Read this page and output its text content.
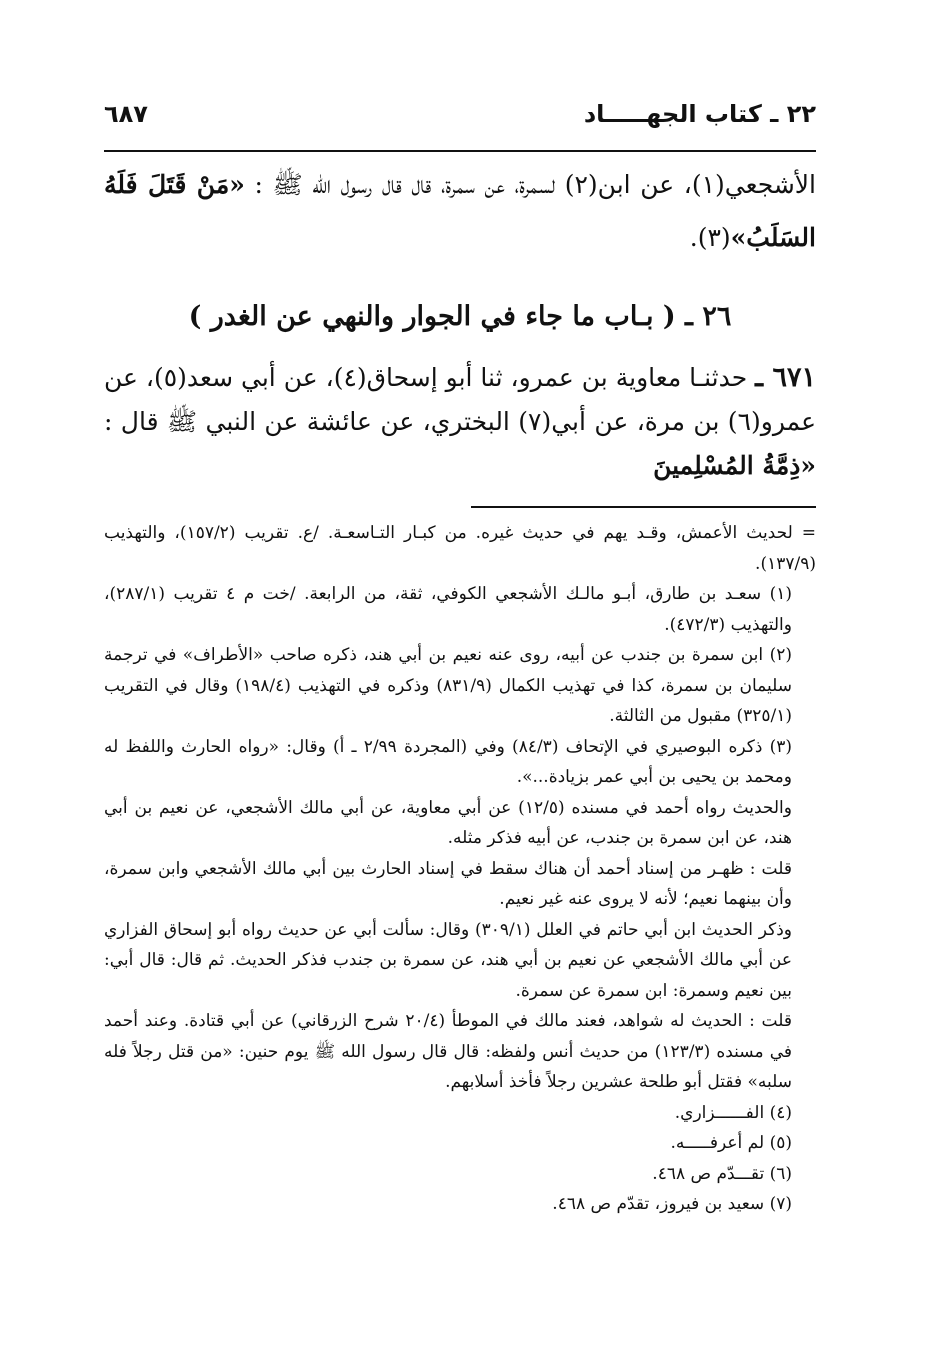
٢٢ ـ كتاب الجهـــــاد
٦٨٧

الأشجعي(١)، عن ابن(٢) لسمرة، عن سمرة، قال قال رسول الله ﷺ : «مَنْ قَتَلَ فَلَهُ السَلَبُ»(٣).

٢٦ ـ ( بـاب ما جاء في الجوار والنهي عن الغدر )
٦٧١ ـ حدثنـا معاوية بن عمرو، ثنا أبو إسحاق(٤)، عن أبي سعد(٥)، عن عمرو(٦) بن مرة، عن أبي(٧) البختري، عن عائشة عن النبي ﷺ قال : «ذِمَّةُ المُسْلِمينَ

= لحديث الأعمش، وقـد يهم في حديث غيره. من كبـار التـاسعـة. /ع. تقريب (١٥٧/٢)، والتهذيب (١٣٧/٩).

(١) سعـد بن طارق، أبـو مالـك الأشجعي الكوفي، ثقة، من الرابعة. /خت م ٤ تقريب (٢٨٧/١)، والتهذيب (٤٧٢/٣).

(٢) ابن سمرة بن جندب عن أبيه، روى عنه نعيم بن أبي هند، ذكره صاحب «الأطراف» في ترجمة سليمان بن سمرة، كذا في تهذيب الكمال (٨٣١/٩) وذكره في التهذيب (١٩٨/٤) وقال في التقريب (٣٢٥/١) مقبول من الثالثة.

(٣) ذكره البوصيري في الإتحاف (٨٤/٣) وفي (المجردة ٢/٩٩ ـ أ) وقال: «رواه الحارث واللفظ له ومحمد بن يحيى بن أبي عمر بزيادة...».

والحديث رواه أحمد في مسنده (١٢/٥) عن أبي معاوية، عن أبي مالك الأشجعي، عن نعيم بن أبي هند، عن ابن سمرة بن جندب، عن أبيه فذكر مثله.

قلت : ظهـر من إسناد أحمد أن هناك سقط في إسناد الحارث بين أبي مالك الأشجعي وابن سمرة، وأن بينهما نعيم؛ لأنه لا يروى عنه غير نعيم.

وذكر الحديث ابن أبي حاتم في العلل (٣٠٩/١) وقال: سألت أبي عن حديث رواه أبو إسحاق الفزاري عن أبي مالك الأشجعي عن نعيم بن أبي هند، عن سمرة بن جندب فذكر الحديث. ثم قال: قال أبي: بين نعيم وسمرة: ابن سمرة عن سمرة.

قلت : الحديث له شواهد، فعند مالك في الموطأ (٢٠/٤ شرح الزرقاني) عن أبي قتادة. وعند أحمد في مسنده (١٢٣/٣) من حديث أنس ولفظه: قال قال رسول الله ﷺ يوم حنين: «من قتل رجلاً فله سلبه» فقتل أبو طلحة عشرين رجلاً فأخذ أسلابهم.

(٤) الفــــــزاري.

(٥) لم أعرفـــــه.

(٦) تقـــدّم ص ٤٦٨.

(٧) سعيد بن فيروز، تقدّم ص ٤٦٨.
